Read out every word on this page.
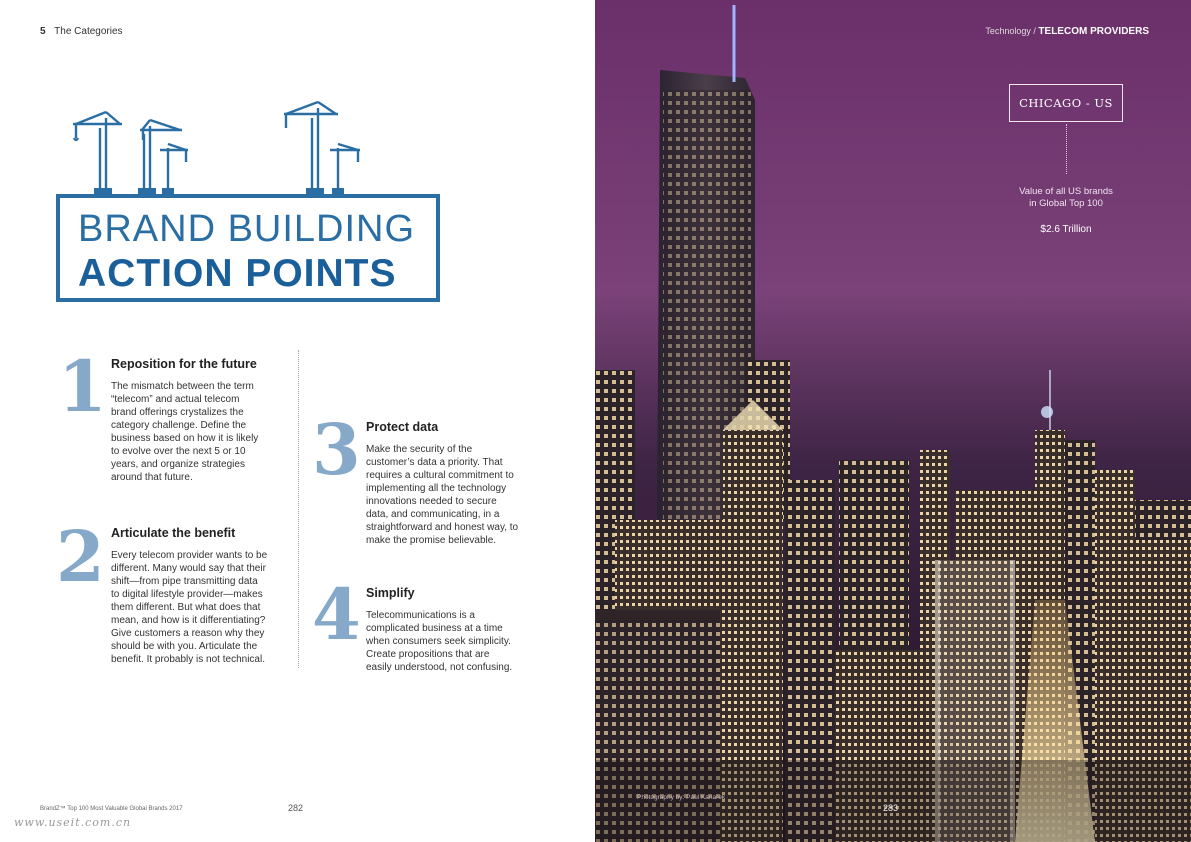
5 The Categories
BRAND BUILDING
ACTION POINTS
1 Reposition for the future
The mismatch between the term
“telecom” and actual telecom
brand offerings crystalizes the
category challenge. Define the
business based on how it is likely
to evolve over the next 5 or 10
years, and organize strategies
around that future.
2 Articulate the benefit
Every telecom provider wants to be
different. Many would say that their
shift—from pipe transmitting data
to digital lifestyle provider—makes
them different. But what does that
mean, and how is it differentiating?
Give customers a reason why they
should be with you. Articulate the
benefit. It probably is not technical.
3 Protect data
Make the security of the
customer’s data a priority. That
requires a cultural commitment to
implementing all the technology
innovations needed to secure
data, and communicating, in a
straightforward and honest way, to
make the promise believable.
4 Simplify
Telecommunications is a
complicated business at a time
when consumers seek simplicity.
Create propositions that are
easily understood, not confusing.
BrandZ™ Top 100 Most Valuable Global Brands 2017	282
www.useit.com.cn
Technology / TELECOM PROVIDERS
CHICAGO - US
Value of all US brands
in Global Top 100
$2.6 Trillion
Photography by: Paul Kanarek
283
